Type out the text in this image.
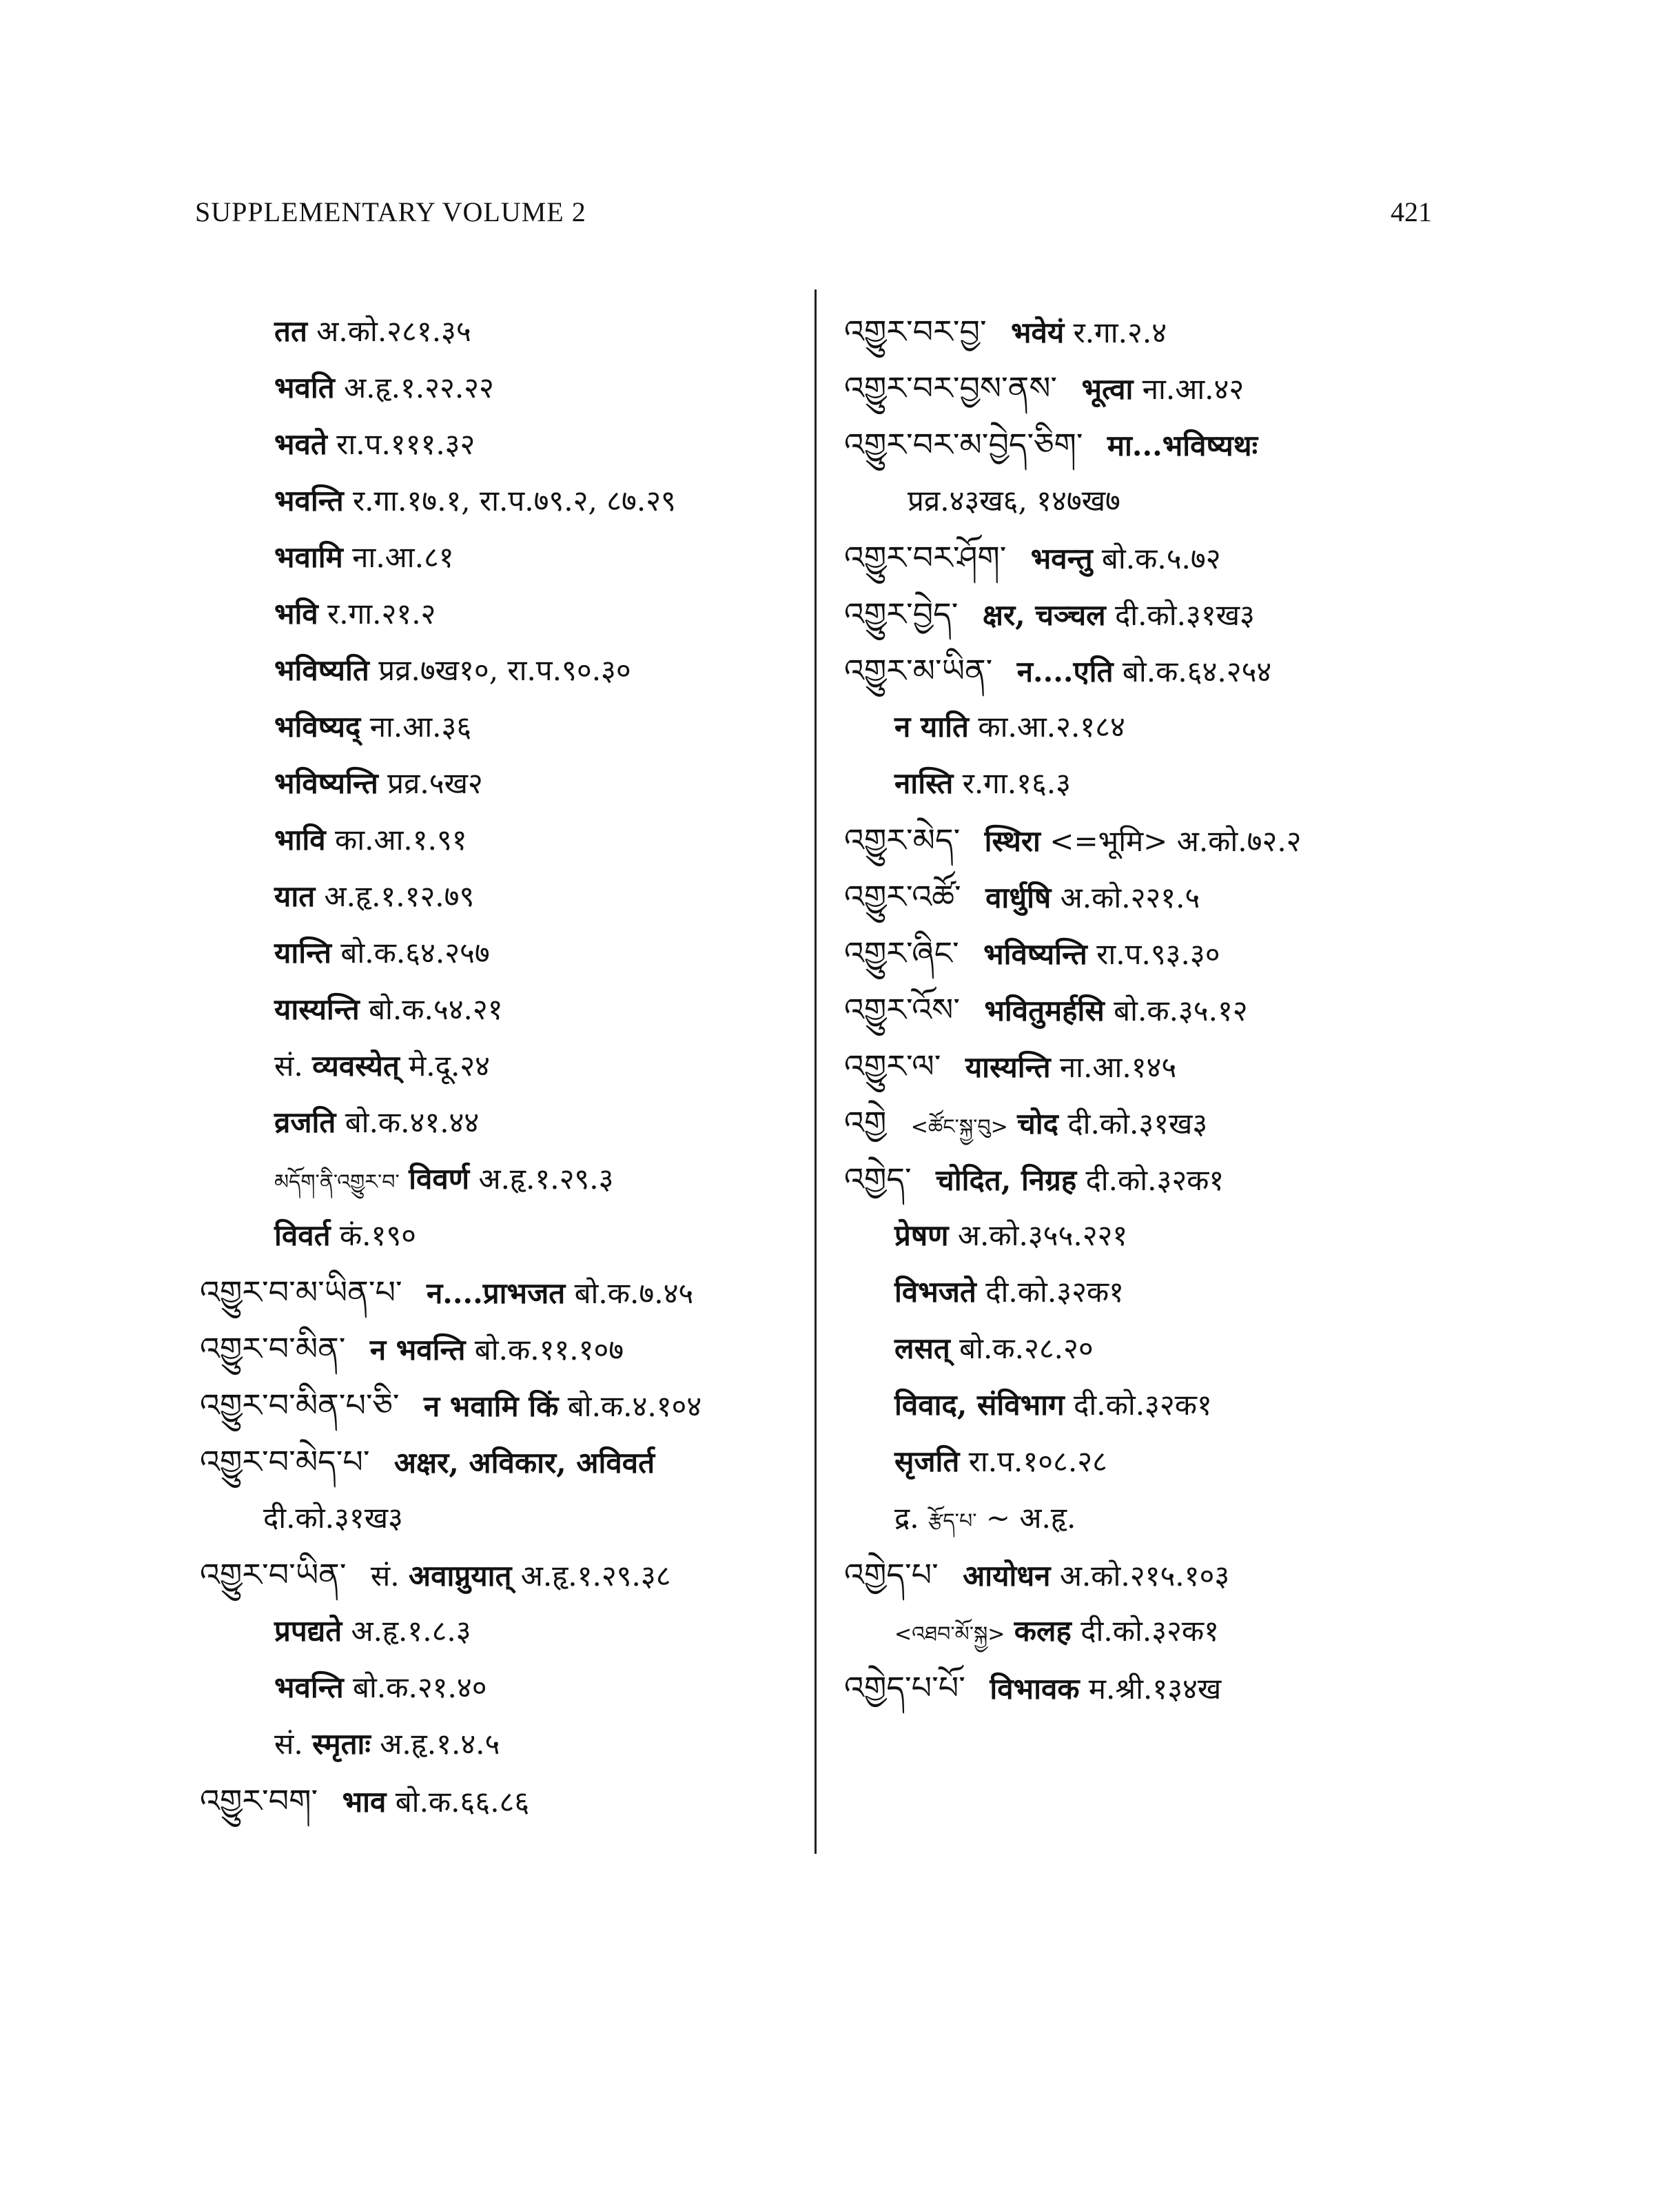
SUPPLEMENTARY VOLUME 2	421
तत अ.को.२८१.३५
भवति अ.हृ.१.२२.२२
भवते रा.प.१११.३२
भवन्ति र.गा.१७.१, रा.प.७९.२, ८७.२९
भवामि ना.आ.८१
भवि र.गा.२१.२
भविष्यति प्रव्र.७ख१०, रा.प.९०.३०
भविष्यद् ना.आ.३६
भविष्यन्ति प्रव्र.५ख२
भावि का.आ.१.९१
यात अ.हृ.१.१२.७९
यान्ति बो.क.६४.२५७
यास्यन्ति बो.क.५४.२१
सं. व्यवस्येत् मे.दू.२४
व्रजति बो.क.४१.४४
མདོག་ནི་འགྱུར་བ་ विवर्ण अ.हृ.१.२९.३
विवर्त कं.१९०
འགྱུར་བ་མ་ཡིན་པ་ न....प्राभजत बो.क.७.४५
འགྱུར་བ་མིན་ न भवन्ति बो.क.११.१०७
འགྱུར་བ་མིན་པ་ཅི་ न भवामि किं बो.क.४.१०४
འགྱུར་བ་མེད་པ་ अक्षर, अविकार, अविवर्त
दी.को.३१ख३
འགྱུར་བ་ཡིན་ सं. अवाप्नुयात् अ.हृ.१.२९.३८
प्रपद्यते अ.हृ.१.८.३
भवन्ति बो.क.२१.४०
सं. स्मृताः अ.हृ.१.४.५
འགྱུར་བག་ भाव बो.क.६६.८६
འགྱུར་བར་བྱ་ भवेयं र.गा.२.४
འགྱུར་བར་བྱས་ནས་ भूत्वा ना.आ.४२
འགྱུར་བར་མ་བྱེད་ཅིག་ मा...भविष्यथः
प्रव्र.४३ख६, १४७ख७
འགྱུར་བར་ཤོག་ भवन्तु बो.क.५.७२
འགྱུར་བྱེད་ क्षर, चञ्चल दी.को.३१ख३
འགྱུར་མ་ཡིན་ न....एति बो.क.६४.२५४
न याति का.आ.२.१८४
नास्ति र.गा.१६.३
འགྱུར་མེད་ स्थिरा <=भूमि> अ.को.७२.२
འགྱུར་འཚོ་ वार्धुषि अ.को.२२१.५
འགྱུར་ཞིང་ भविष्यन्ति रा.प.९३.३०
འགྱུར་འོས་ भवितुमर्हसि बो.क.३५.१२
འགྱུར་ལ་ यास्यन्ति ना.आ.१४५
འགྱེ <ཚོང་སྐྱ་བུ> चोद दी.को.३१ख३
འགྱེད་ चोदित, निग्रह दी.को.३२क१
प्रेषण अ.को.३५५.२२१
विभजते दी.को.३२क१
लसत् बो.क.२८.२०
विवाद, संविभाग दी.को.३२क१
सृजति रा.प.१०८.२८
द्र. རྩོད་པ་ ~ अ.हृ.
འགྱེད་པ་ आयोधन अ.को.२१५.१०३
<འཐབ་མོ་སྐྱ> कलह दी.को.३२क१
འགྱེད་པ་པོ་ विभावक म.श्री.१३४ख
